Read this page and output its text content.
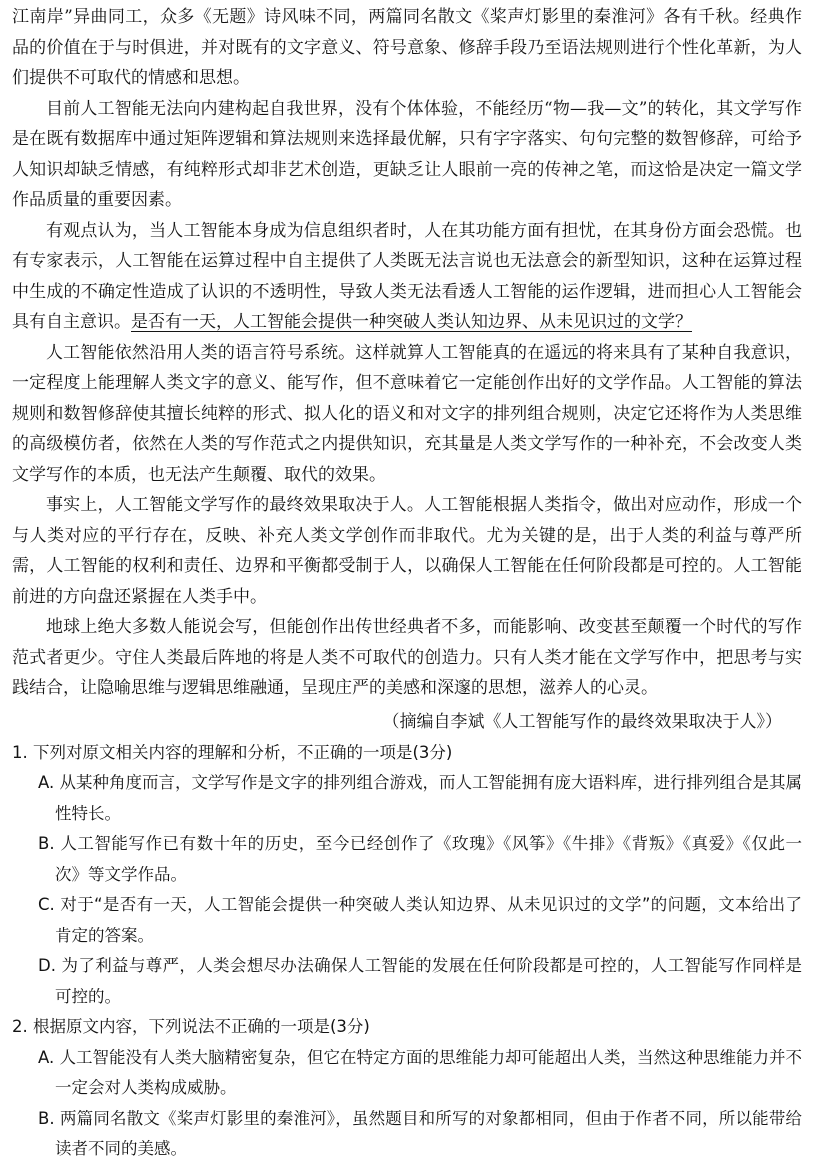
江南岸”异曲同工，众多《无题》诗风味不同，两篇同名散文《桨声灯影里的秦淮河》各有千秋。经典作品的价值在于与时俱进，并对既有的文字意义、符号意象、修辞手段乃至语法规则进行个性化革新，为人们提供不可取代的情感和思想。

目前人工智能无法向内建构起自我世界，没有个体体验，不能经历“物—我—文”的转化，其文学写作是在既有数据库中通过矩阵逻辑和算法规则来选择最优解，只有字字落实、句句完整的数智修辞，可给予人知识却缺乏情感，有纯粹形式却非艺术创造，更缺乏让人眼前一亮的传神之笔，而这恰是决定一篇文学作品质量的重要因素。

有观点认为，当人工智能本身成为信息组织者时，人在其功能方面有担忧，在其身份方面会恐慌。也有专家表示，人工智能在运算过程中自主提供了人类既无法言说也无法意会的新型知识，这种在运算过程中生成的不确定性造成了认识的不透明性，导致人类无法看透人工智能的运作逻辑，进而担心人工智能会具有自主意识。是否有一天，人工智能会提供一种突破人类认知边界、从未见识过的文学？

人工智能依然沿用人类的语言符号系统。这样就算人工智能真的在遥远的将来具有了某种自我意识，一定程度上能理解人类文字的意义、能写作，但不意味着它一定能创作出好的文学作品。人工智能的算法规则和数智修辞使其擅长纯粹的形式、拟人化的语义和对文字的排列组合规则，决定它还将作为人类思维的高级模仿者，依然在人类的写作范式之内提供知识，充其量是人类文学写作的一种补充，不会改变人类文学写作的本质，也无法产生颠覆、取代的效果。

事实上，人工智能文学写作的最终效果取决于人。人工智能根据人类指令，做出对应动作，形成一个与人类对应的平行存在，反映、补充人类文学创作而非取代。尤为关键的是，出于人类的利益与尊严所需，人工智能的权利和责任、边界和平衡都受制于人，以确保人工智能在任何阶段都是可控的。人工智能前进的方向盘还紧握在人类手中。

地球上绝大多数人能说会写，但能创作出传世经典者不多，而能影响、改变甚至颠覆一个时代的写作范式者更少。守住人类最后阵地的将是人类不可取代的创造力。只有人类才能在文学写作中，把思考与实践结合，让隐喻思维与逻辑思维融通，呈现庄严的美感和深邃的思想，滋养人的心灵。

（摘编自李斌《人工智能写作的最终效果取决于人》）

1. 下列对原文相关内容的理解和分析，不正确的一项是(3分)

A. 从某种角度而言，文学写作是文字的排列组合游戏，而人工智能拥有庞大语料库，进行排列组合是其属性特长。

B. 人工智能写作已有数十年的历史，至今已经创作了《玫瑰》《风筝》《牛排》《背叛》《真爱》《仅此一次》等文学作品。

C. 对于“是否有一天，人工智能会提供一种突破人类认知边界、从未见识过的文学”的问题，文本给出了肯定的答案。

D. 为了利益与尊严，人类会想尽办法确保人工智能的发展在任何阶段都是可控的，人工智能写作同样是可控的。

2. 根据原文内容，下列说法不正确的一项是(3分)

A. 人工智能没有人类大脑精密复杂，但它在特定方面的思维能力却可能超出人类，当然这种思维能力并不一定会对人类构成威胁。

B. 两篇同名散文《桨声灯影里的秦淮河》，虽然题目和所写的对象都相同，但由于作者不同，所以能带给读者不同的美感。
